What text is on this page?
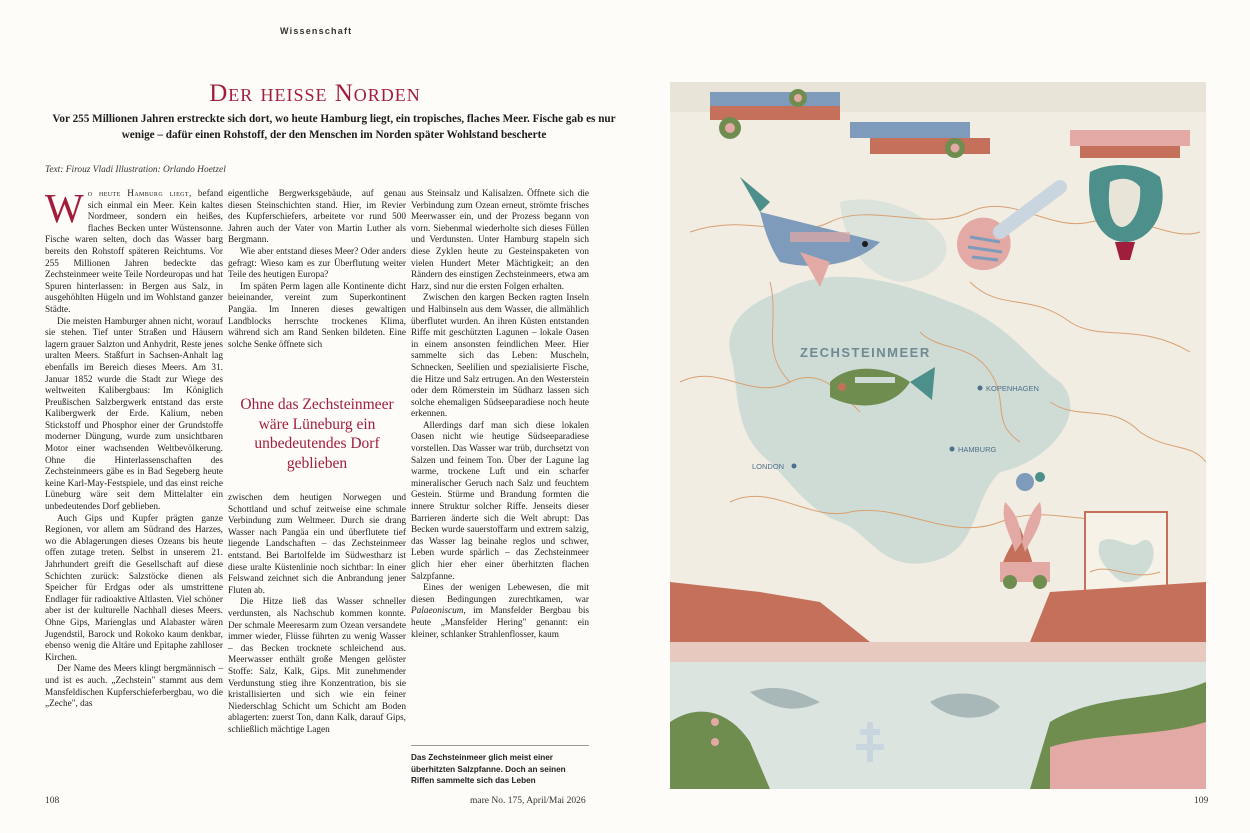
Wissenschaft
Der heisse Norden
Vor 255 Millionen Jahren erstreckte sich dort, wo heute Hamburg liegt, ein tropisches, flaches Meer. Fische gab es nur wenige – dafür einen Rohstoff, der den Menschen im Norden später Wohlstand bescherte
Text: Firouz Vladi Illustration: Orlando Hoetzel

Wo heute Hamburg liegt, befand sich einmal ein Meer. Kein kaltes Nordmeer, sondern ein heißes, flaches Becken unter Wüstensonne. Fische waren selten, doch das Wasser barg bereits den Rohstoff späteren Reichtums. Vor 255 Millionen Jahren bedeckte das Zechsteinmeer weite Teile Nordeuropas und hat Spuren hinterlassen: in Bergen aus Salz, in ausgehöhlten Hügeln und im Wohlstand ganzer Städte.

Die meisten Hamburger ahnen nicht, worauf sie stehen. Tief unter Straßen und Häusern lagern grauer Salzton und Anhydrit, Reste jenes uralten Meers. Staßfurt in Sachsen-Anhalt lag ebenfalls im Bereich dieses Meers. Am 31. Januar 1852 wurde die Stadt zur Wiege des weltweiten Kalibergbaus: Im Königlich Preußischen Salzbergwerk entstand das erste Kalibergwerk der Erde. Kalium, neben Stickstoff und Phosphor einer der Grundstoffe moderner Düngung, wurde zum unsichtbaren Motor einer wachsenden Weltbevölkerung. Ohne die Hinterlassenschaften des Zechsteinmeers gäbe es in Bad Segeberg heute keine Karl-May-Festspiele, und das einst reiche Lüneburg wäre seit dem Mittelalter ein unbedeutendes Dorf geblieben.

Auch Gips und Kupfer prägten ganze Regionen, vor allem am Südrand des Harzes, wo die Ablagerungen dieses Ozeans bis heute offen zutage treten. Selbst in unserem 21. Jahrhundert greift die Gesellschaft auf diese Schichten zurück: Salzstöcke dienen als Speicher für Erdgas oder als umstrittene Endlager für radioaktive Altlasten. Viel schöner aber ist der kulturelle Nachhall dieses Meers. Ohne Gips, Marienglas und Alabaster wären Jugendstil, Barock und Rokoko kaum denkbar, ebenso wenig die Altäre und Epitaphe zahlloser Kirchen.

Der Name des Meers klingt bergmännisch – und ist es auch. „Zechstein" stammt aus dem Mansfeldischen Kupferschieferbergbau, wo die „Zeche", das

eigentliche Bergwerksgebäude, auf genau diesen Steinschichten stand. Hier, im Revier des Kupferschiefers, arbeitete vor rund 500 Jahren auch der Vater von Martin Luther als Bergmann.

Wie aber entstand dieses Meer? Oder anders gefragt: Wieso kam es zur Überflutung weiter Teile des heutigen Europa?

Im späten Perm lagen alle Kontinente dicht beieinander, vereint zum Superkontinent Pangäa. Im Inneren dieses gewaltigen Landblocks herrschte trockenes Klima, während sich am Rand Senken bildeten. Eine solche Senke öffnete sich

Ohne das Zechsteinmeer wäre Lüneburg ein unbedeutendes Dorf geblieben

zwischen dem heutigen Norwegen und Schottland und schuf zeitweise eine schmale Verbindung zum Weltmeer. Durch sie drang Wasser nach Pangäa ein und überflutete tief liegende Landschaften – das Zechsteinmeer entstand. Bei Bartolfelde im Südwestharz ist diese uralte Küstenlinie noch sichtbar: In einer Felswand zeichnet sich die Anbrandung jener Fluten ab.

Die Hitze ließ das Wasser schneller verdunsten, als Nachschub kommen konnte. Der schmale Meeresarm zum Ozean versandete immer wieder, Flüsse führten zu wenig Wasser – das Becken trocknete schleichend aus. Meerwasser enthält große Mengen gelöster Stoffe: Salz, Kalk, Gips. Mit zunehmender Verdunstung stieg ihre Konzentration, bis sie kristallisierten und sich wie ein feiner Niederschlag Schicht um Schicht am Boden ablagerten: zuerst Ton, dann Kalk, darauf Gips, schließlich mächtige Lagen

aus Steinsalz und Kalisalzen. Öffnete sich die Verbindung zum Ozean erneut, strömte frisches Meerwasser ein, und der Prozess begann von vorn. Siebenmal wiederholte sich dieses Füllen und Verdunsten. Unter Hamburg stapeln sich diese Zyklen heute zu Gesteinspaketen von vielen Hundert Meter Mächtigkeit; an den Rändern des einstigen Zechsteinmeers, etwa am Harz, sind nur die ersten Folgen erhalten.

Zwischen den kargen Becken ragten Inseln und Halbinseln aus dem Wasser, die allmählich überflutet wurden. An ihren Küsten entstanden Riffe mit geschützten Lagunen – lokale Oasen in einem ansonsten feindlichen Meer. Hier sammelte sich das Leben: Muscheln, Schnecken, Seelilien und spezialisierte Fische, die Hitze und Salz ertrugen. An den Westerstein oder dem Römerstein im Südharz lassen sich solche ehemaligen Südseeparadiese noch heute erkennen.

Allerdings darf man sich diese lokalen Oasen nicht wie heutige Südseeparadiese vorstellen. Das Wasser war trüb, durchsetzt von Salzen und feinem Ton. Über der Lagune lag warme, trockene Luft und ein scharfer mineralischer Geruch nach Salz und feuchtem Gestein. Stürme und Brandung formten die innere Struktur solcher Riffe. Jenseits dieser Barrieren änderte sich die Welt abrupt: Das Becken wurde sauerstoffarm und extrem salzig, das Wasser lag beinahe reglos und schwer, Leben wurde spärlich – das Zechsteinmeer glich hier eher einer überhitzten flachen Salzpfanne.

Eines der wenigen Lebewesen, die mit diesen Bedingungen zurechtkamen, war Palaeoniscum, im Mansfelder Bergbau bis heute „Mansfelder Hering" genannt: ein kleiner, schlanker Strahlenflosser, kaum

Das Zechsteinmeer glich meist einer überhitzten Salzpfanne. Doch an seinen Riffen sammelte sich das Leben
108	mare No. 175, April/Mai 2026	109
ZECHSTEINMEER
KOPENHAGEN
HAMBURG
LONDON
